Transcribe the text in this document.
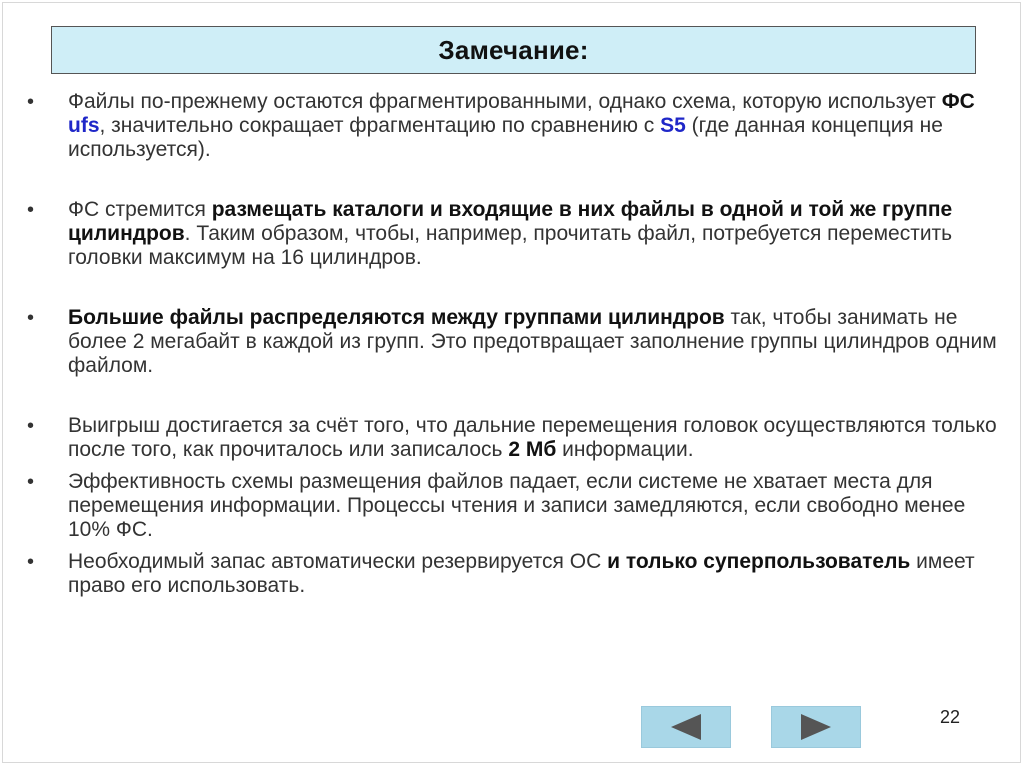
Замечание:
• Файлы по-прежнему остаются фрагментированными, однако схема, которую использует ФС ufs, значительно сокращает фрагментацию по сравнению с S5 (где данная концепция не используется).
• ФС стремится размещать каталоги и входящие в них файлы в одной и той же группе цилиндров. Таким образом, чтобы, например, прочитать файл, потребуется переместить головки максимум на 16 цилиндров.
• Большие файлы распределяются между группами цилиндров так, чтобы занимать не более 2 мегабайт в каждой из групп. Это предотвращает заполнение группы цилиндров одним файлом.
• Выигрыш достигается за счёт того, что дальние перемещения головок осуществляются только после того, как прочиталось или записалось 2 Мб информации.
• Эффективность схемы размещения файлов падает, если системе не хватает места для перемещения информации. Процессы чтения и записи замедляются, если свободно менее 10% ФС.
• Необходимый запас автоматически резервируется ОС и только суперпользователь имеет право его использовать.
22
